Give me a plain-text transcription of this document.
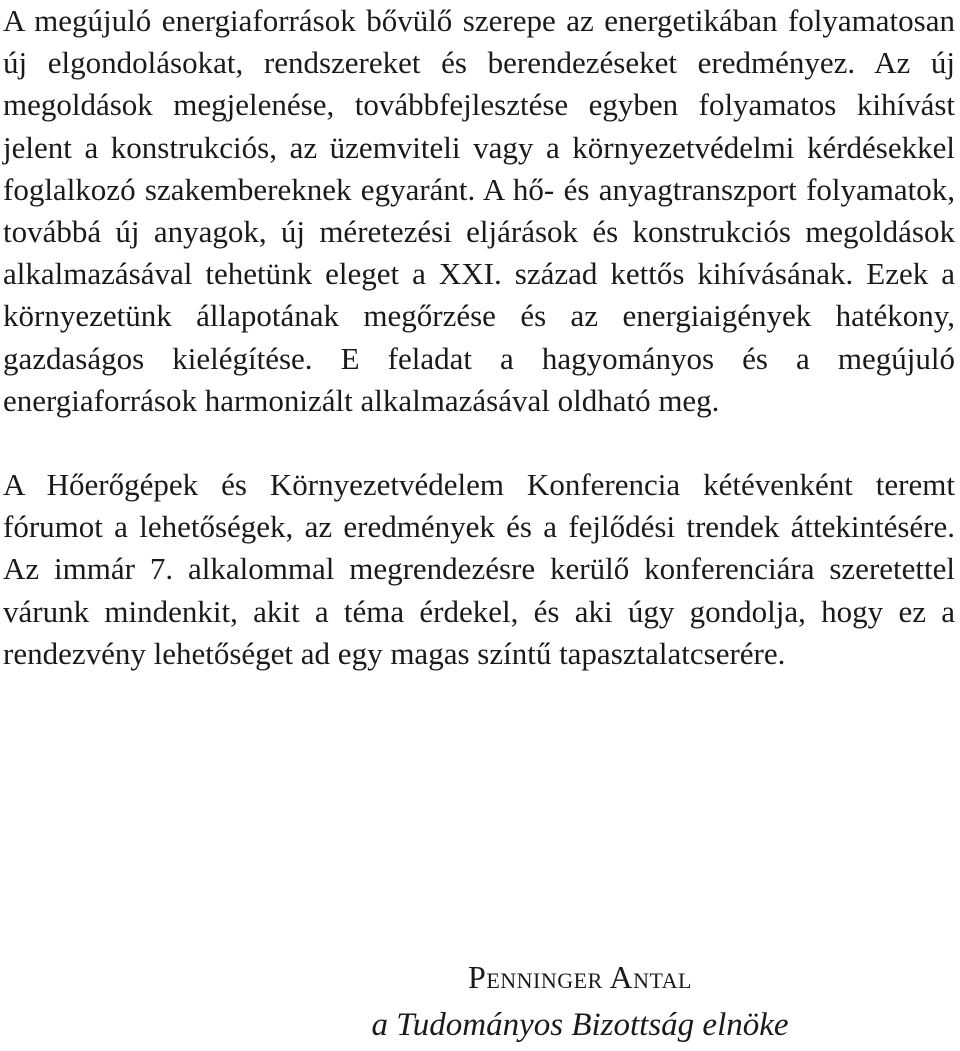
A megújuló energiaforrások bővülő szerepe az energetikában folyamatosan új elgondolásokat, rendszereket és berendezéseket eredményez. Az új megoldások megjelenése, továbbfejlesztése egyben folyamatos kihívást jelent a konstrukciós, az üzemviteli vagy a környezetvédelmi kérdésekkel foglalkozó szakembereknek egyaránt. A hő- és anyagtranszport folyamatok, továbbá új anyagok, új méretezési eljárások és konstrukciós megoldások alkalmazásával tehetünk eleget a XXI. század kettős kihívásának. Ezek a környezetünk állapotának megőrzése és az energiaigények hatékony, gazdaságos kielégítése. E feladat a hagyományos és a megújuló energiaforrások harmonizált alkalmazásával oldható meg.

A Hőerőgépek és Környezetvédelem Konferencia kétévenként teremt fórumot a lehetőségek, az eredmények és a fejlődési trendek áttekintésére. Az immár 7. alkalommal megrendezésre kerülő konferenciára szeretettel várunk mindenkit, akit a téma érdekel, és aki úgy gondolja, hogy ez a rendezvény lehetőséget ad egy magas színtű tapasztalatcserére.

Penninger Antal

a Tudományos Bizottság elnöke
